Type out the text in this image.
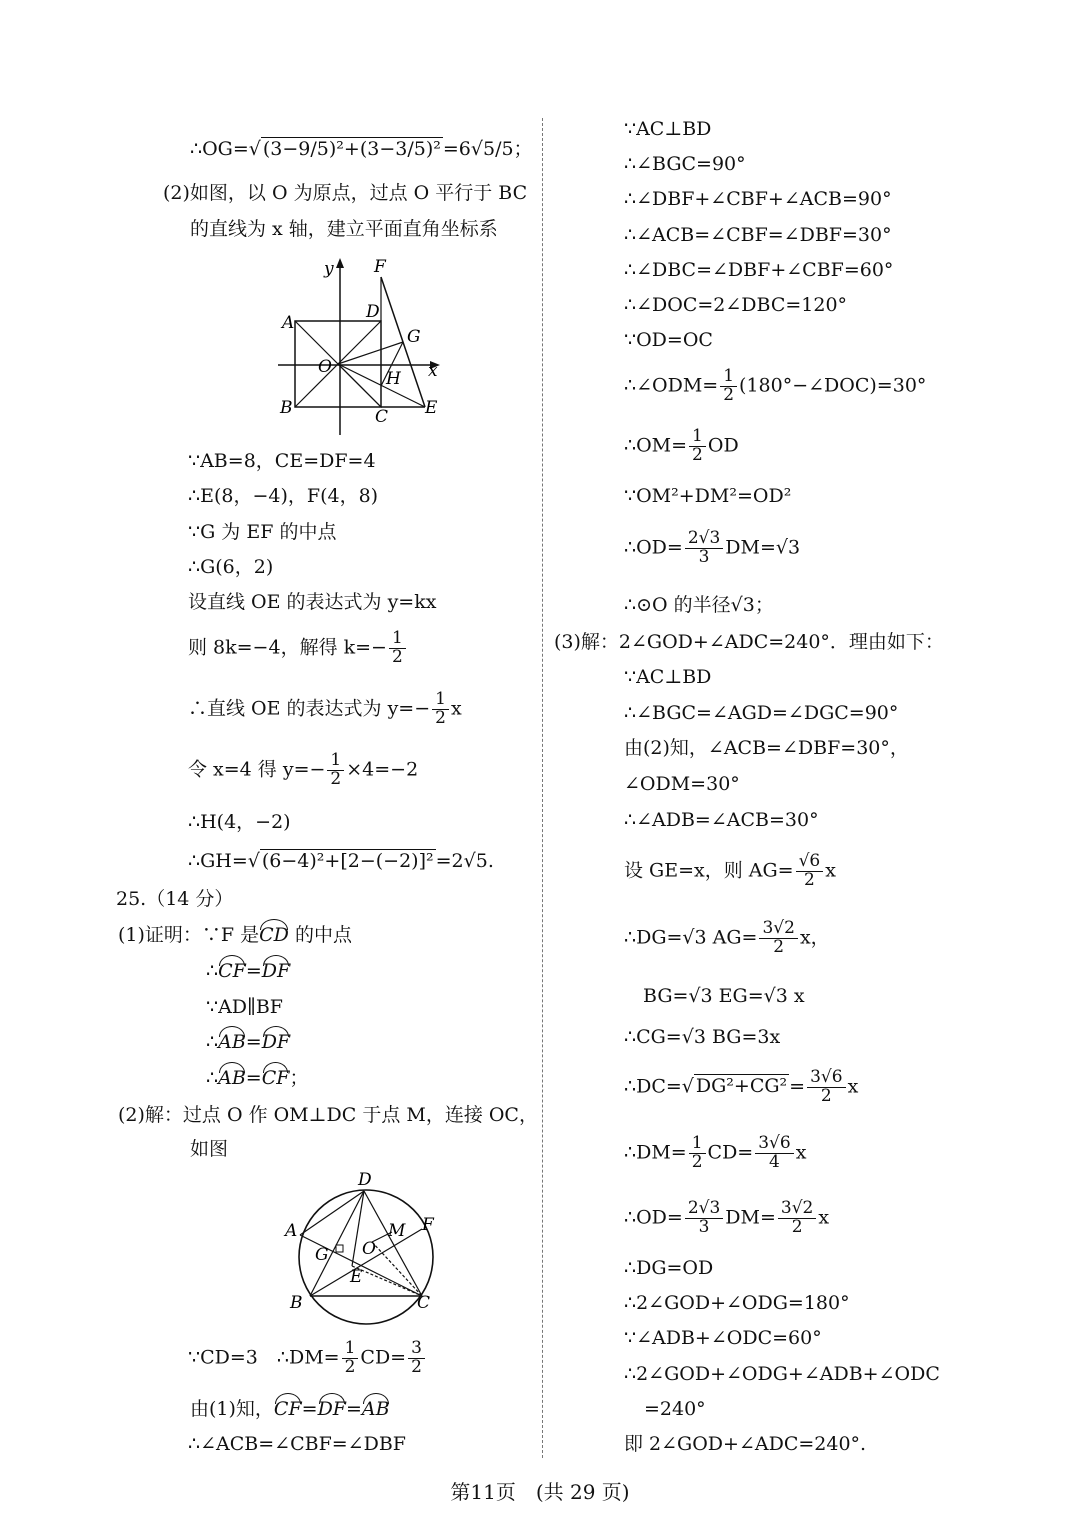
∴OG=√ (3−9/5)²+(3−3/5)² =6√5/5；
(2)如图，以 O 为原点，过点 O 平行于 BC
的直线为 x 轴，建立平面直角坐标系
y F
D
A
G
O
H x
B	C E
∵AB=8，CE=DF=4
∴E(8，−4)，F(4，8)
∵G 为 EF 的中点
∴G(6，2)
设直线 OE 的表达式为 y=kx
则 8k=−4，解得 $k=- \frac{1}{2}$
∴直线 OE 的表达式为 $y=- \frac{1}{2}$ x
令 x=4 得 $y=- \frac{1}{2} \times 4=-2$
∴H(4，−2)
∴GH=√ (6−4)²+[2−(−2)]² =2√5.
25.（14 分）
(1)证明：∵F 是CD 的中点
∴CF=DF
∵AD∥BF
∴AB=DF
∴AB=CF；
(2)解：过点 O 作 OM⊥DC 于点 M，连接 OC，
如图
D
A	M F
G O
E
B	C
∵CD=3　∴DM= $\frac{1}{2} CD= \frac{3}{2}$
由(1)知，CF=DF=AB
∴∠ACB=∠CBF=∠DBF
∵AC⊥BD
∴∠BGC=90°
∴∠DBF+∠CBF+∠ACB=90°
∴∠ACB=∠CBF=∠DBF=30°
∴∠DBC=∠DBF+∠CBF=60°
∴∠DOC=2∠DBC=120°
∵OD=OC
∴∠ODM= $\frac{1}{2}$ (180°−∠DOC)=30°
∴OM= $\frac{1}{2}$ OD
∵OM²+DM²=OD²
∴OD= $\frac{2√3}{3} DM=√3$
∴⊙O 的半径√3；
(3)解：2∠GOD+∠ADC=240°．理由如下：
∵AC⊥BD
∴∠BGC=∠AGD=∠DGC=90°
由(2)知，∠ACB=∠DBF=30°，
∠ODM=30°
∴∠ADB=∠ACB=30°
设 GE=x，则 $AG= \frac{√6}{2}$ x
∴DG=√3 $AG= \frac{3√2}{2}$ x，
BG=√3 EG=√3 x
∴CG=√3 BG=3x
∴DC=√ $DG^2+CG^2 = \frac{3√6}{2}$ x
∴DM= $\frac{1}{2} CD= \frac{3√6}{4}$ x
∴OD= $\frac{2√3}{3} DM= \frac{3√2}{2}$ x
∴DG=OD
∴2∠GOD+∠ODG=180°
∵∠ADB+∠ODC=60°
∴2∠GOD+∠ODG+∠ADB+∠ODC
=240°
即 2∠GOD+∠ADC=240°.
第11页　(共 29 页)
